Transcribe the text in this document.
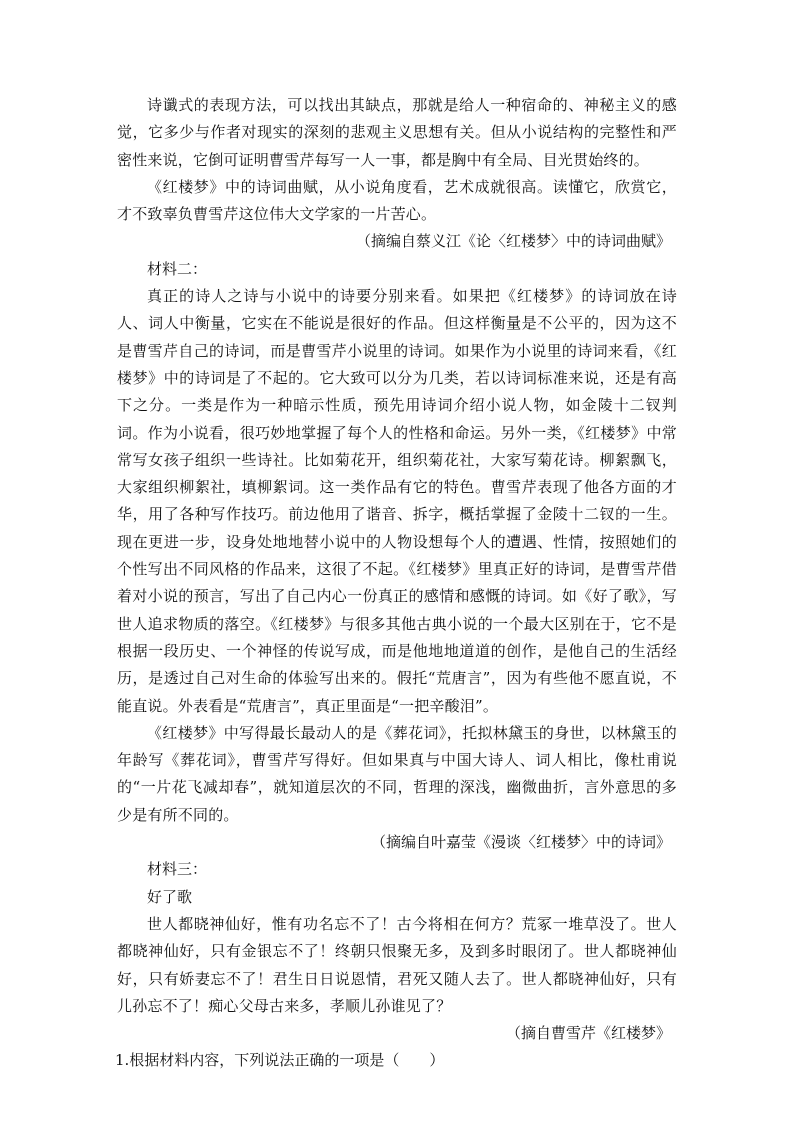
诗谶式的表现方法，可以找出其缺点，那就是给人一种宿命的、神秘主义的感觉，它多少与作者对现实的深刻的悲观主义思想有关。但从小说结构的完整性和严密性来说，它倒可证明曹雪芹每写一人一事，都是胸中有全局、目光贯始终的。

《红楼梦》中的诗词曲赋，从小说角度看，艺术成就很高。读懂它，欣赏它，才不致辜负曹雪芹这位伟大文学家的一片苦心。

（摘编自蔡义江《论〈红楼梦〉中的诗词曲赋》

材料二：

真正的诗人之诗与小说中的诗要分别来看。如果把《红楼梦》的诗词放在诗人、词人中衡量，它实在不能说是很好的作品。但这样衡量是不公平的，因为这不是曹雪芹自己的诗词，而是曹雪芹小说里的诗词。如果作为小说里的诗词来看，《红楼梦》中的诗词是了不起的。它大致可以分为几类，若以诗词标准来说，还是有高下之分。一类是作为一种暗示性质，预先用诗词介绍小说人物，如金陵十二钗判词。作为小说看，很巧妙地掌握了每个人的性格和命运。另外一类，《红楼梦》中常常写女孩子组织一些诗社。比如菊花开，组织菊花社，大家写菊花诗。柳絮飘飞，大家组织柳絮社，填柳絮词。这一类作品有它的特色。曹雪芹表现了他各方面的才华，用了各种写作技巧。前边他用了谐音、拆字，概括掌握了金陵十二钗的一生。现在更进一步，设身处地地替小说中的人物设想每个人的遭遇、性情，按照她们的个性写出不同风格的作品来，这很了不起。《红楼梦》里真正好的诗词，是曹雪芹借着对小说的预言，写出了自己内心一份真正的感情和感慨的诗词。如《好了歌》，写世人追求物质的落空。《红楼梦》与很多其他古典小说的一个最大区别在于，它不是根据一段历史、一个神怪的传说写成，而是他地地道道的创作，是他自己的生活经历，是透过自己对生命的体验写出来的。假托“荒唐言”，因为有些他不愿直说，不能直说。外表看是“荒唐言”，真正里面是“一把辛酸泪”。

《红楼梦》中写得最长最动人的是《葬花词》，托拟林黛玉的身世，以林黛玉的年龄写《葬花词》，曹雪芹写得好。但如果真与中国大诗人、词人相比，像杜甫说的“一片花飞减却春”，就知道层次的不同，哲理的深浅，幽微曲折，言外意思的多少是有所不同的。

（摘编自叶嘉莹《漫谈〈红楼梦〉中的诗词》

材料三：

好了歌

世人都晓神仙好，惟有功名忘不了！古今将相在何方？荒冢一堆草没了。世人都晓神仙好，只有金银忘不了！终朝只恨聚无多，及到多时眼闭了。世人都晓神仙好，只有娇妻忘不了！君生日日说恩情，君死又随人去了。世人都晓神仙好，只有儿孙忘不了！痴心父母古来多，孝顺儿孙谁见了？

（摘自曹雪芹《红楼梦》

1.根据材料内容，下列说法正确的一项是（　　）
